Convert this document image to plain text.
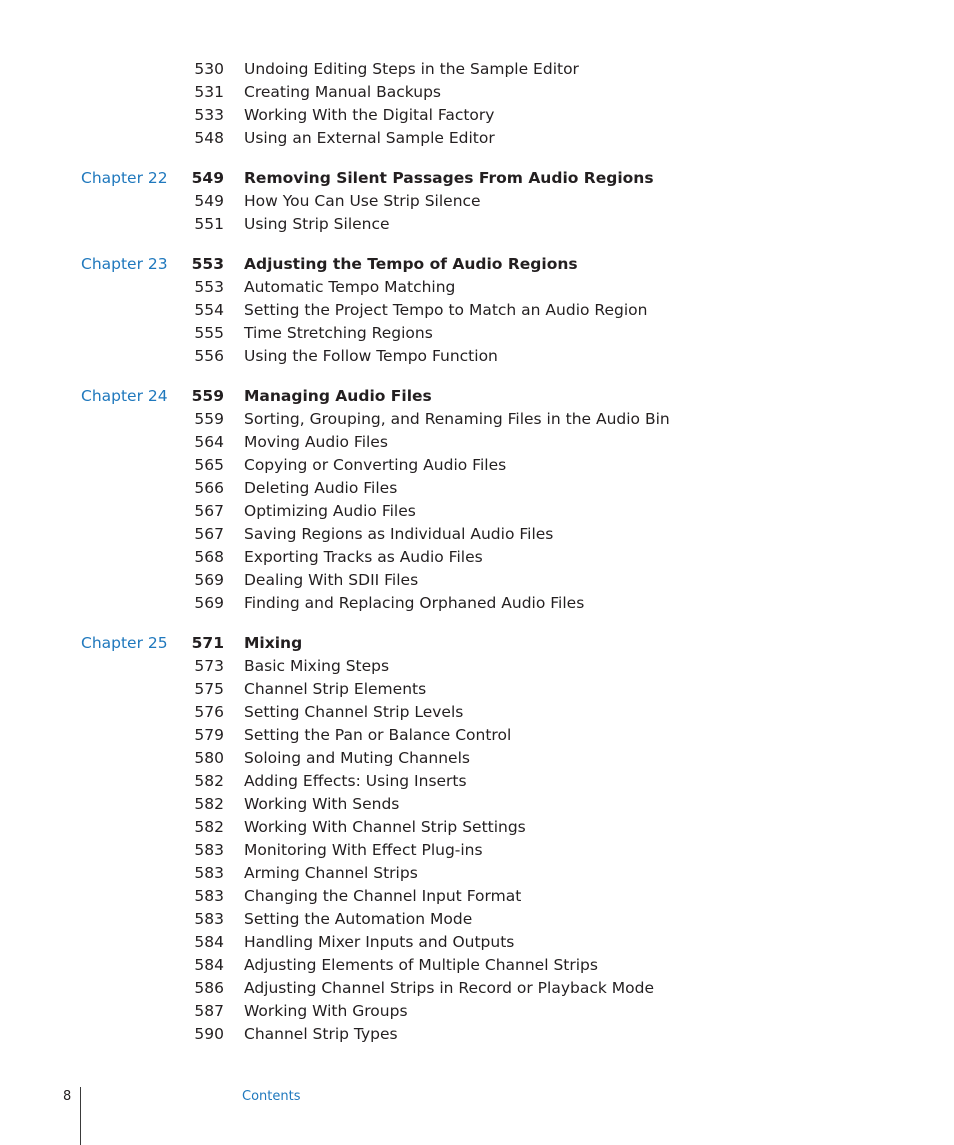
530 Undoing Editing Steps in the Sample Editor
531 Creating Manual Backups
533 Working With the Digital Factory
548 Using an External Sample Editor
Chapter 22 549 Removing Silent Passages From Audio Regions
549 How You Can Use Strip Silence
551 Using Strip Silence
Chapter 23 553 Adjusting the Tempo of Audio Regions
553 Automatic Tempo Matching
554 Setting the Project Tempo to Match an Audio Region
555 Time Stretching Regions
556 Using the Follow Tempo Function
Chapter 24 559 Managing Audio Files
559 Sorting, Grouping, and Renaming Files in the Audio Bin
564 Moving Audio Files
565 Copying or Converting Audio Files
566 Deleting Audio Files
567 Optimizing Audio Files
567 Saving Regions as Individual Audio Files
568 Exporting Tracks as Audio Files
569 Dealing With SDII Files
569 Finding and Replacing Orphaned Audio Files
Chapter 25 571 Mixing
573 Basic Mixing Steps
575 Channel Strip Elements
576 Setting Channel Strip Levels
579 Setting the Pan or Balance Control
580 Soloing and Muting Channels
582 Adding Effects: Using Inserts
582 Working With Sends
582 Working With Channel Strip Settings
583 Monitoring With Effect Plug-ins
583 Arming Channel Strips
583 Changing the Channel Input Format
583 Setting the Automation Mode
584 Handling Mixer Inputs and Outputs
584 Adjusting Elements of Multiple Channel Strips
586 Adjusting Channel Strips in Record or Playback Mode
587 Working With Groups
590 Channel Strip Types
8	Contents
